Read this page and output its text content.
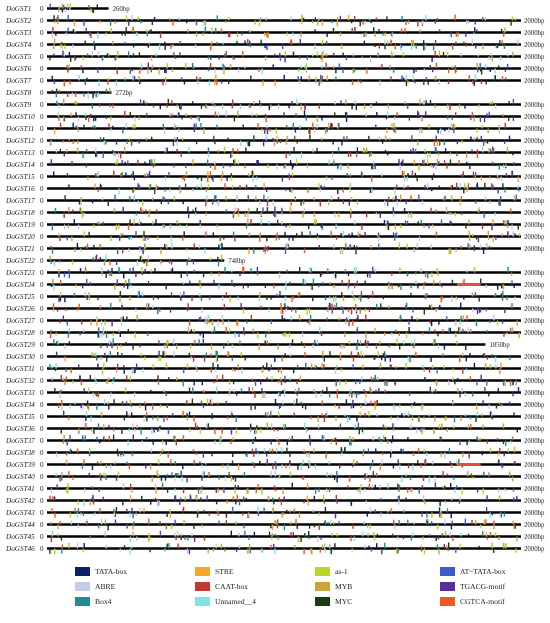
DoGST1 0	260bp
DoGST2 0	2000bp
DoGST3 0	2000bp
DoGST4 0	2000bp
DoGST5 0	2000bp
DoGST6 0	2000bp
DoGST7 0	2000bp
DoGST8 0	272bp
DoGST9 0	2000bp
DoGST10 0	2000bp
DoGST11 0	2000bp
DoGST12 0	2000bp
DoGST13 0	2000bp
DoGST14 0	2000bp
DoGST15 0	2000bp
DoGST16 0	2000bp
DoGST17 0	2000bp
DoGST18 0	2000bp
DoGST19 0	2000bp
DoGST20 0	2000bp
DoGST21 0	2000bp
DoGST22 0	748bp
DoGST23 0	2000bp
DoGST24 0	2000bp
DoGST25 0	2000bp
DoGST26 0	2000bp
DoGST27 0	2000bp
DoGST28 0	2000bp
DoGST29 0	1850bp
DoGST30 0	2000bp
DoGST31 0	2000bp
DoGST32 0	2000bp
DoGST33 0	2000bp
DoGST34 0	2000bp
DoGST35 0	2000bp
DoGST36 0	2000bp
DoGST37 0	2000bp
DoGST38 0	2000bp
DoGST39 0	2000bp
DoGST40 0	2000bp
DoGST41 0	2000bp
DoGST42 0	2000bp
DoGST43 0	2000bp
DoGST44 0	2000bp
DoGST45 0	2000bp
DoGST46 0	2000bp
TATA-box
ABRE
Box4
STRE
CAAT-box
Unnamed__4
as-1
MYB
MYC
AT~TATA-box
TGACG-motif
CGTCA-motif
